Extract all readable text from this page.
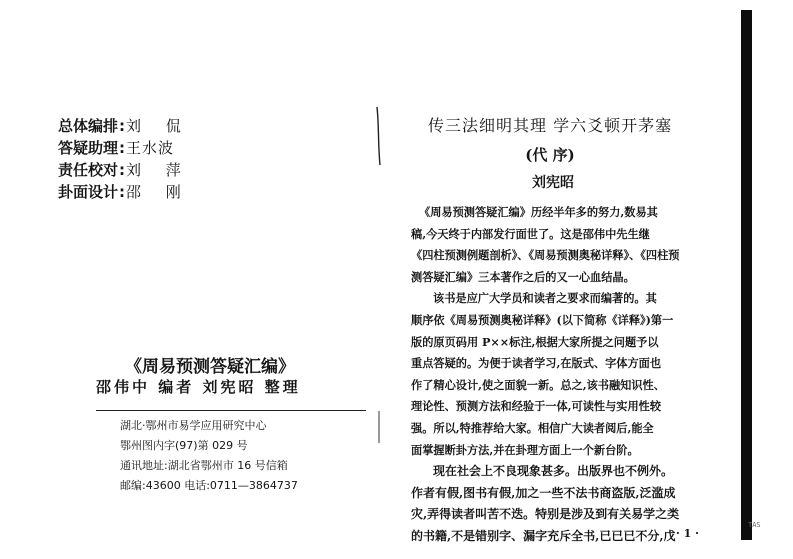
总体编排:刘 侃
答疑助理:王水波
责任校对:刘 萍
卦面设计:邵 刚
《周易预测答疑汇编》
邵伟中 编者 刘宪昭 整理
湖北·鄂州市易学应用研究中心
鄂州图内字(97)第 029 号
通讯地址:湖北省鄂州市 16 号信箱
邮编:43600 电话:0711—3864737
传三法细明其理 学六爻顿开茅塞
(代 序)
刘宪昭
《周易预测答疑汇编》历经半年多的努力,数易其
稿,今天终于内部发行面世了。这是邵伟中先生继
《四柱预测例题剖析》、《周易预测奥秘详释》、《四柱预
测答疑汇编》三本著作之后的又一心血结晶。
该书是应广大学员和读者之要求而编著的。其
顺序依《周易预测奥秘详释》(以下简称《详释》)第一
版的原页码用 P××标注,根据大家所提之问题予以
重点答疑的。为便于读者学习,在版式、字体方面也
作了精心设计,使之面貌一新。总之,该书融知识性、
理论性、预测方法和经验于一体,可读性与实用性较
强。所以,特推荐给大家。相信广大读者阅后,能全
面掌握断卦方法,并在卦理方面上一个新台阶。
现在社会上不良现象甚多。出版界也不例外。
作者有假,图书有假,加之一些不法书商盗版,泛滥成
灾,弄得读者叫苦不迭。特别是涉及到有关易学之类
的书籍,不是错别字、漏字充斥全书,已已已不分,戊 · 1 ·
TAS
